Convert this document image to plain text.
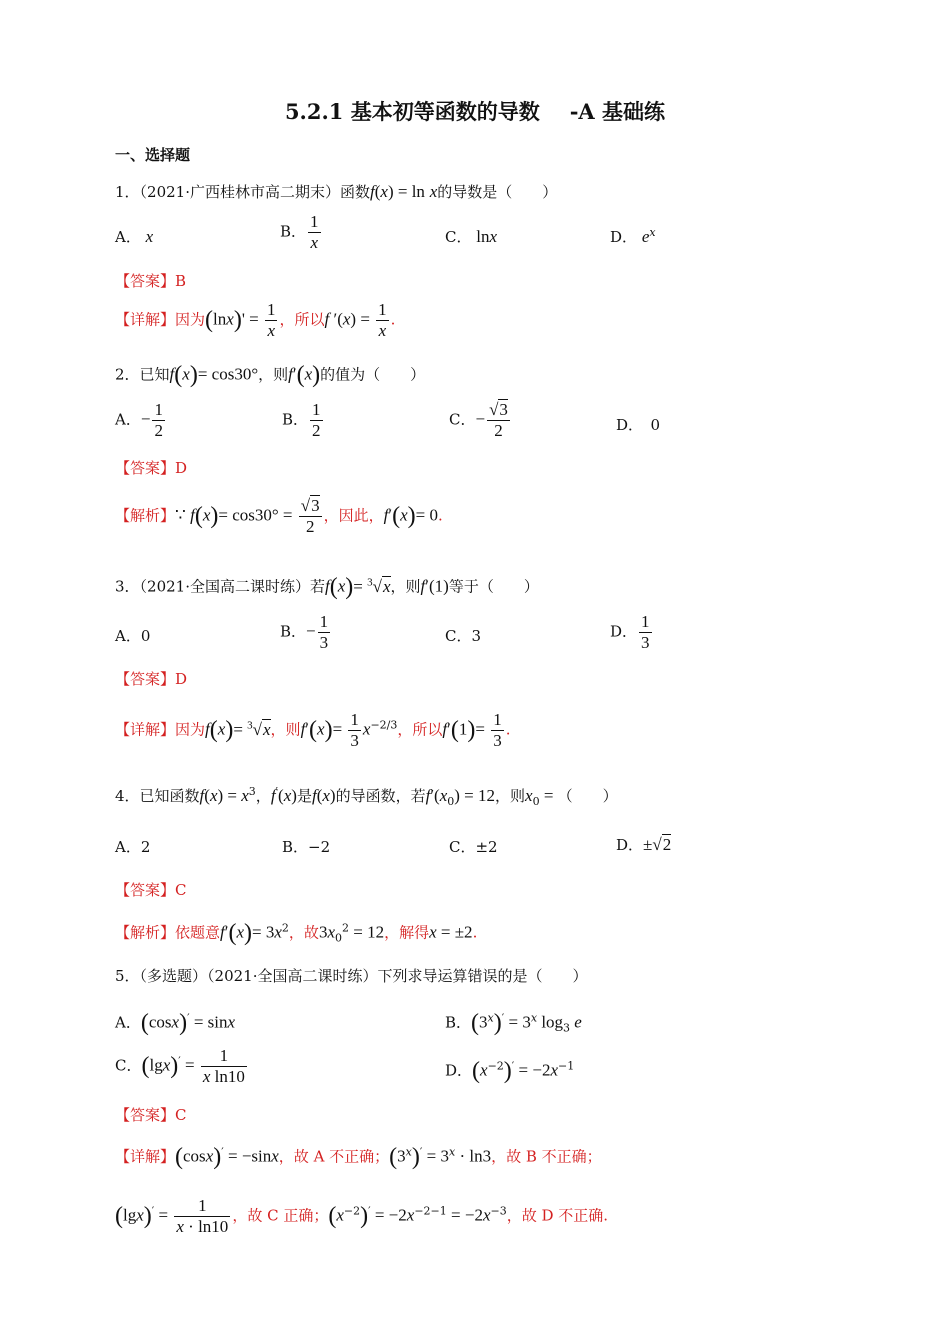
5.2.1 基本初等函数的导数 -A 基础练
一、选择题
1．（2021·广西桂林市高二期末）函数f(x) = ln x的导数是（　　）
A． x	B． $\frac{1}{x}$	C． lnx	D． $e^x$
【答案】B
【详解】因为$(\ln x)' = \frac{1}{x}$ ，所以f $'(x) = \frac{1}{x}$ .
2．已知f(x)= cos30°，则f′(x)的值为（　　）
A．− $\frac{1}{2}$	B． $\frac{1}{2}$	C．− $\frac{√3}{2}$	D．　0
【答案】D
【解析】∵ $f(x)= \cos 30^\circ = \frac{√3}{2}$ ，因此，f′(x)= 0.
3．（2021·全国高二课时练）若f(x)= $^3$√x，则f′(1)等于（　　）
A．0	B．− $\frac{1}{3}$	C．3	D． $\frac{1}{3}$
【答案】D
【详解】因为f(x)= $^3$√x，则$f'(x)= \frac{1}{3} x^{-2/3}$，所以$f'(1)= \frac{1}{3}$ .
4．已知函数$f(x) = x^3$，f′(x)是f(x)的导函数，若$f'(x_0) = 12$，则$x_0$ = （　　）
A．2	B．−2	C．±2	D．±√2
【答案】C
【解析】依题意$f'(x)= 3x^2$，故$3x_0^2 = 12$，解得x = ±2.
5．（多选题）（2021·全国高二课时练）下列求导运算错误的是（　　）
A．(cosx)′ = sinx	B．$(3^x)' = 3^x$ $\log_3 e$
C．$(\lg x)' = \frac{1}{\text{x ln10}}$	D．$(x^{-2})' = -2x^{-1}$
【答案】C
【详解】(cosx)′ = −sinx，故 A 不正确；$(3^x)' = 3^x \cdot \ln 3$，故 B 不正确；
$(\lg x)' = \frac{1}{x \cdot \ln 10}$ ，故 C 正确；$(x^{-2})' = -2x^{-2-1} = -2x^{-3}$，故 D 不正确.
